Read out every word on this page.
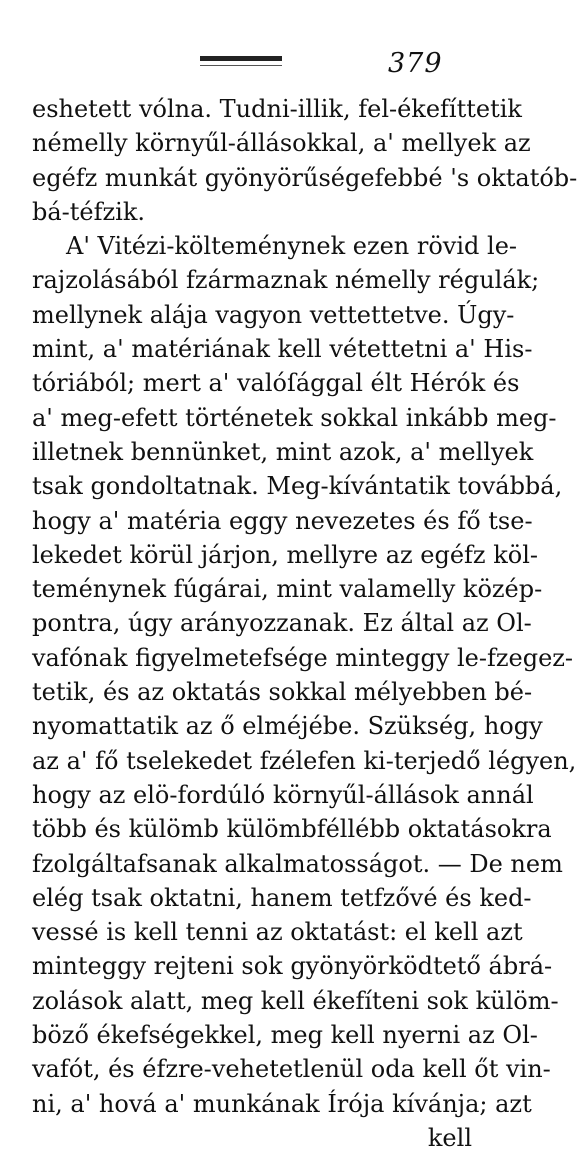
379
eshetett vólna. Tudni-illik, fel-ékefíttetik
némelly környűl-állásokkal, a' mellyek az
egéfz munkát gyönyörűségefebbé 's oktatób-
bá-téfzik.
A' Vitézi-költeménynek ezen rövid le-
rajzolásából fzármaznak némelly régulák;
mellynek alája vagyon vettettetve. Úgy-
mint, a' matériának kell vétettetni a' His-
tóriából; mert a' valóſággal élt Hérók és
a' meg-efett történetek sokkal inkább meg-
illetnek bennünket, mint azok, a' mellyek
tsak gondoltatnak. Meg-kívántatik továbbá,
hogy a' matéria eggy nevezetes és fő tse-
lekedet körül járjon, mellyre az egéfz köl-
teménynek fúgárai, mint valamelly közép-
pontra, úgy arányozzanak. Ez által az Ol-
vafónak figyelmetefsége minteggy le-fzegez-
tetik, és az oktatás sokkal mélyebben bé-
nyomattatik az ő elméjébe. Szükség, hogy
az a' fő tselekedet fzélefen ki-terjedő légyen,
hogy az elö-fordúló környűl-állások annál
több és külömb külömbféllébb oktatásokra
fzolgáltafsanak alkalmatosságot. — De nem
elég tsak oktatni, hanem tetfzővé és ked-
vessé is kell tenni az oktatást: el kell azt
minteggy rejteni sok gyönyörködtető ábrá-
zolások alatt, meg kell ékefíteni sok külöm-
böző ékefségekkel, meg kell nyerni az Ol-
vafót, és éfzre-vehetetlenül oda kell őt vin-
ni, a' hová a' munkának Írója kívánja; azt
kell
